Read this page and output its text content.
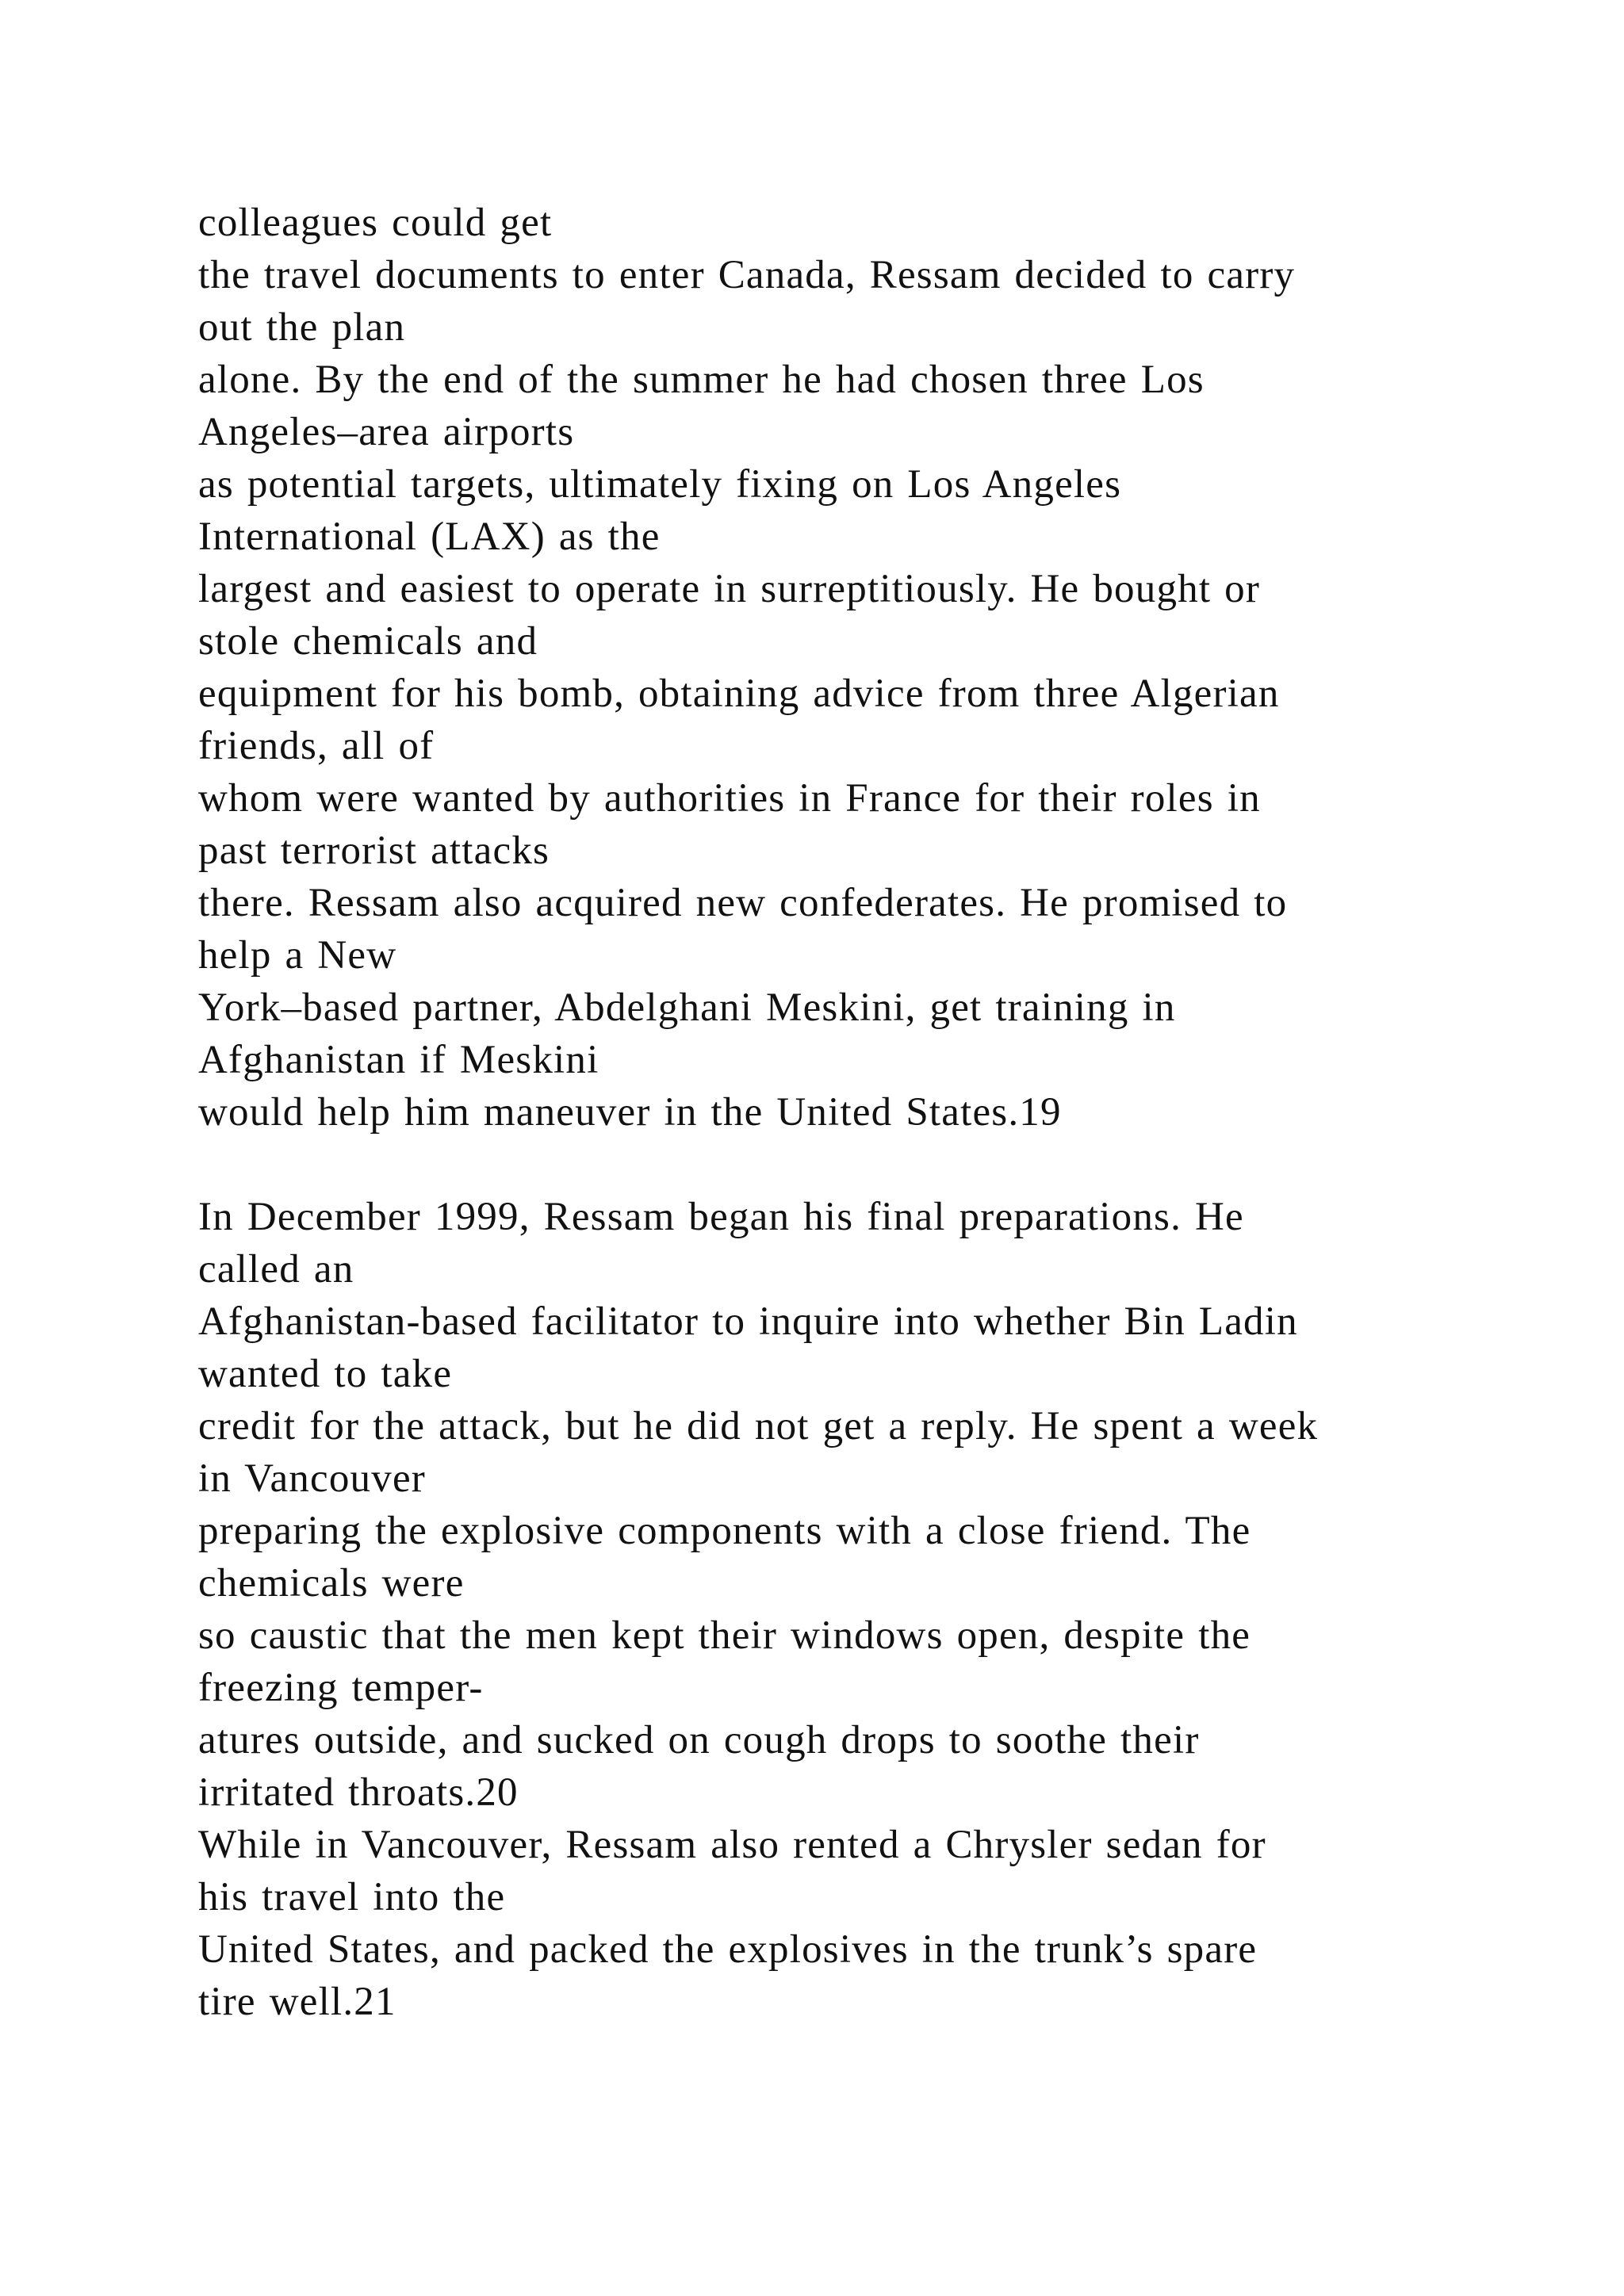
colleagues could get
the travel documents to enter Canada, Ressam decided to carry
out the plan
alone. By the end of the summer he had chosen three Los
Angeles–area airports
as potential targets, ultimately fixing on Los Angeles
International (LAX) as the
largest and easiest to operate in surreptitiously. He bought or
stole chemicals and
equipment for his bomb, obtaining advice from three Algerian
friends, all of
whom were wanted by authorities in France for their roles in
past terrorist attacks
there. Ressam also acquired new confederates. He promised to
help a New
York–based partner, Abdelghani Meskini, get training in
Afghanistan if Meskini
would help him maneuver in the United States.19
In December 1999, Ressam began his final preparations. He
called an
Afghanistan-based facilitator to inquire into whether Bin Ladin
wanted to take
credit for the attack, but he did not get a reply. He spent a week
in Vancouver
preparing the explosive components with a close friend. The
chemicals were
so caustic that the men kept their windows open, despite the
freezing temper-
atures outside, and sucked on cough drops to soothe their
irritated throats.20
While in Vancouver, Ressam also rented a Chrysler sedan for
his travel into the
United States, and packed the explosives in the trunk’s spare
tire well.21
